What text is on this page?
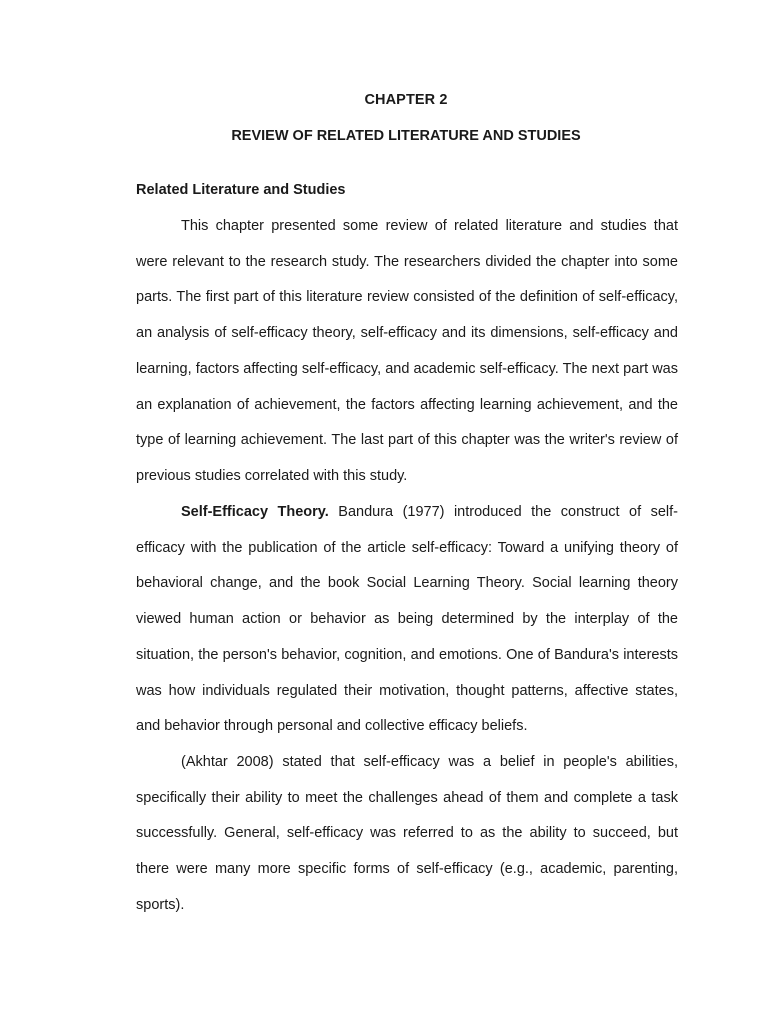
CHAPTER 2
REVIEW OF RELATED LITERATURE AND STUDIES
Related Literature and Studies

This chapter presented some review of related literature and studies that were relevant to the research study. The researchers divided the chapter into some parts. The first part of this literature review consisted of the definition of self-efficacy, an analysis of self-efficacy theory, self-efficacy and its dimensions, self-efficacy and learning, factors affecting self-efficacy, and academic self-efficacy. The next part was an explanation of achievement, the factors affecting learning achievement, and the type of learning achievement. The last part of this chapter was the writer's review of previous studies correlated with this study.

Self-Efficacy Theory. Bandura (1977) introduced the construct of self-efficacy with the publication of the article self-efficacy: Toward a unifying theory of behavioral change, and the book Social Learning Theory. Social learning theory viewed human action or behavior as being determined by the interplay of the situation, the person's behavior, cognition, and emotions. One of Bandura's interests was how individuals regulated their motivation, thought patterns, affective states, and behavior through personal and collective efficacy beliefs.

(Akhtar 2008) stated that self-efficacy was a belief in people's abilities, specifically their ability to meet the challenges ahead of them and complete a task successfully. General, self-efficacy was referred to as the ability to succeed, but there were many more specific forms of self-efficacy (e.g., academic, parenting, sports).
